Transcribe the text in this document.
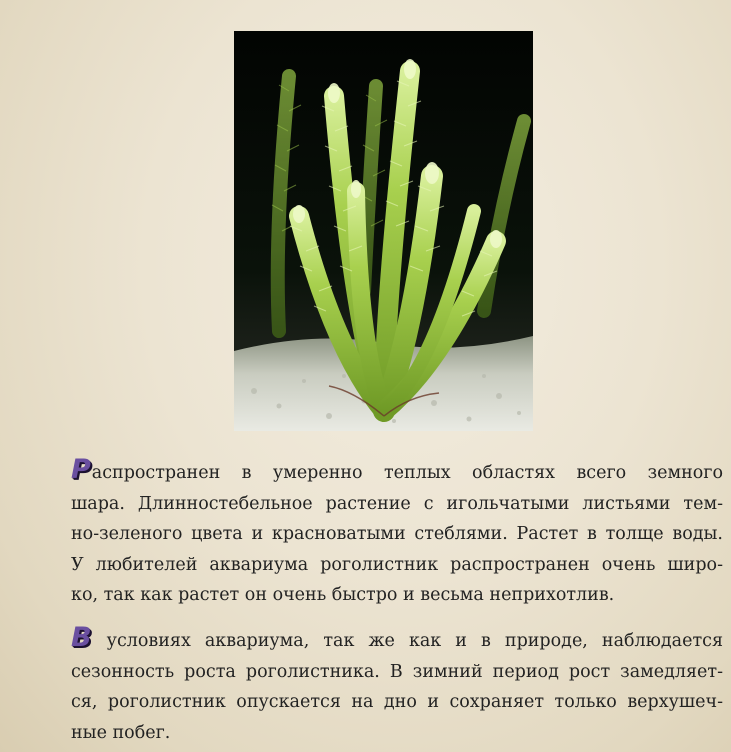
Распространен в умеренно теплых областях всего земного
шара. Длинностебельное растение с игольчатыми листьями тем-
но-зеленого цвета и красноватыми стеблями. Растет в толще воды.
У любителей аквариума роголистник распространен очень широ-
ко, так как растет он очень быстро и весьма неприхотлив.

В условиях аквариума, так же как и в природе, наблюдается
сезонность роста роголистника. В зимний период рост замедляет-
ся, роголистник опускается на дно и сохраняет только верхушеч-
ные побег.
